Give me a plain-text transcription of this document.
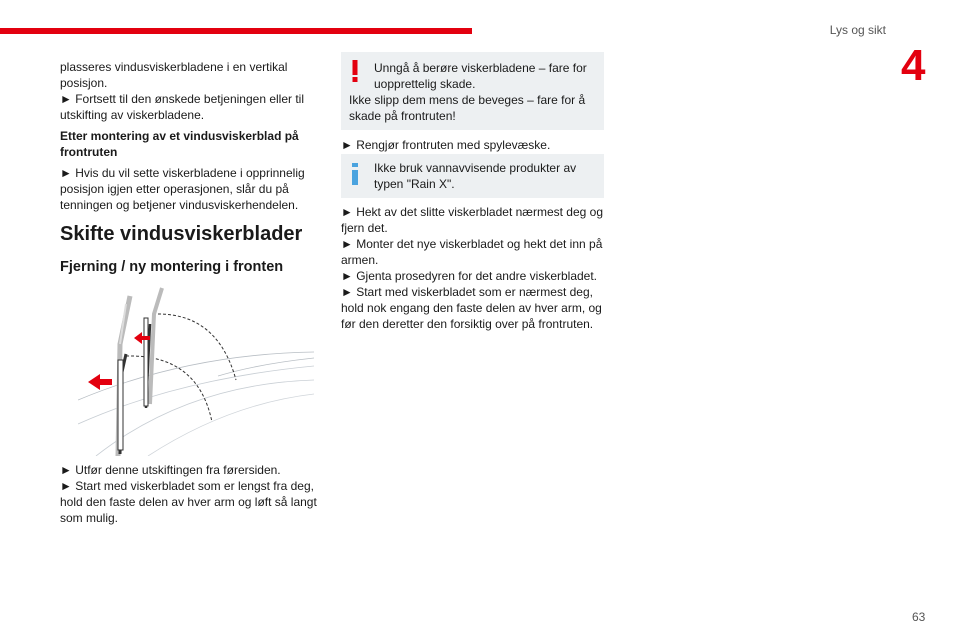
Lys og sikt
4

plasseres vindusviskerbladene i en vertikal posisjon.

► Fortsett til den ønskede betjeningen eller til utskifting av viskerbladene.

Etter montering av et vindusviskerblad på frontruten

► Hvis du vil sette viskerbladene i opprinnelig posisjon igjen etter operasjonen, slår du på tenningen og betjener vindusviskerhendelen.

Skifte vindusviskerblader
Fjerning / ny montering i fronten

► Utfør denne utskiftingen fra førersiden.

► Start med viskerbladet som er lengst fra deg, hold den faste delen av hver arm og løft så langt som mulig.

Unngå å berøre viskerbladene – fare for uopprettelig skade.

Ikke slipp dem mens de beveges – fare for å skade på frontruten!

► Rengjør frontruten med spylevæske.

Ikke bruk vannavvisende produkter av typen "Rain X".

► Hekt av det slitte viskerbladet nærmest deg og fjern det.

► Monter det nye viskerbladet og hekt det inn på armen.

► Gjenta prosedyren for det andre viskerbladet.

► Start med viskerbladet som er nærmest deg, hold nok engang den faste delen av hver arm, og før den deretter den forsiktig over på frontruten.

63
